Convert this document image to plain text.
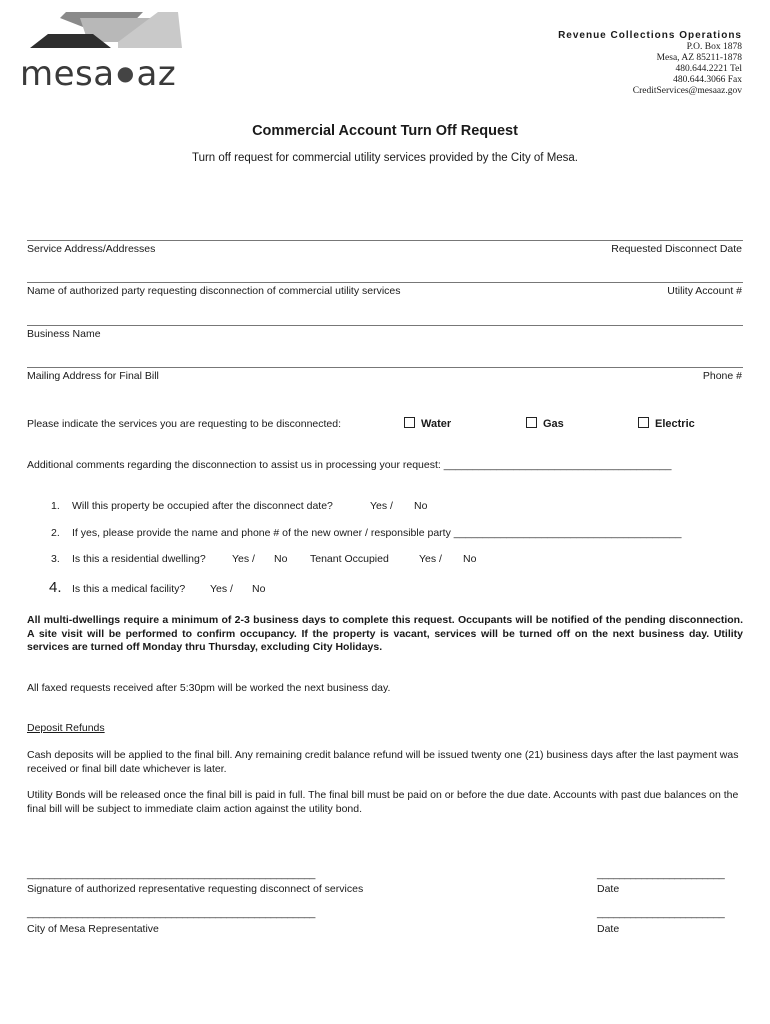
mesa ●az
Revenue Collections Operations
P.O. Box 1878
Mesa, AZ 85211-1878
480.644.2221 Tel
480.644.3066 Fax
CreditServices@mesaaz.gov
Commercial Account Turn Off Request
Turn off request for commercial utility services provided by the City of Mesa.
Service Address/Addresses	Requested Disconnect Date
Name of authorized party requesting disconnection of commercial utility services	Utility Account #
Business Name
Mailing Address for Final Bill	Phone #
Please indicate the services you are requesting to be disconnected:	Water	Gas	Electric
Additional comments regarding the disconnection to assist us in processing your request: _______________________________________
1. Will this property be occupied after the disconnect date?	Yes / No
2. If yes, please provide the name and phone # of the new owner / responsible party _______________________________________
3. Is this a residential dwelling?	Yes / No Tenant Occupied	Yes / No
4. Is this a medical facility? Yes / No
All multi-dwellings require a minimum of 2-3 business days to complete this request. Occupants will be notified of the pending disconnection. A site visit will be performed to confirm occupancy. If the property is vacant, services will be turned off on the next business day. Utility services are turned off Monday thru Thursday, excluding City Holidays.
All faxed requests received after 5:30pm will be worked the next business day.
Deposit Refunds
Cash deposits will be applied to the final bill. Any remaining credit balance refund will be issued twenty one (21) business days after the last payment was received or final bill date whichever is later.
Utility Bonds will be released once the final bill is paid in full. The final bill must be paid on or before the due date. Accounts with past due balances on the final bill will be subject to immediate claim action against the utility bond.
____________________________________________________	_______________________
Signature of authorized representative requesting disconnect of services	Date
____________________________________________________	_______________________
City of Mesa Representative	Date
